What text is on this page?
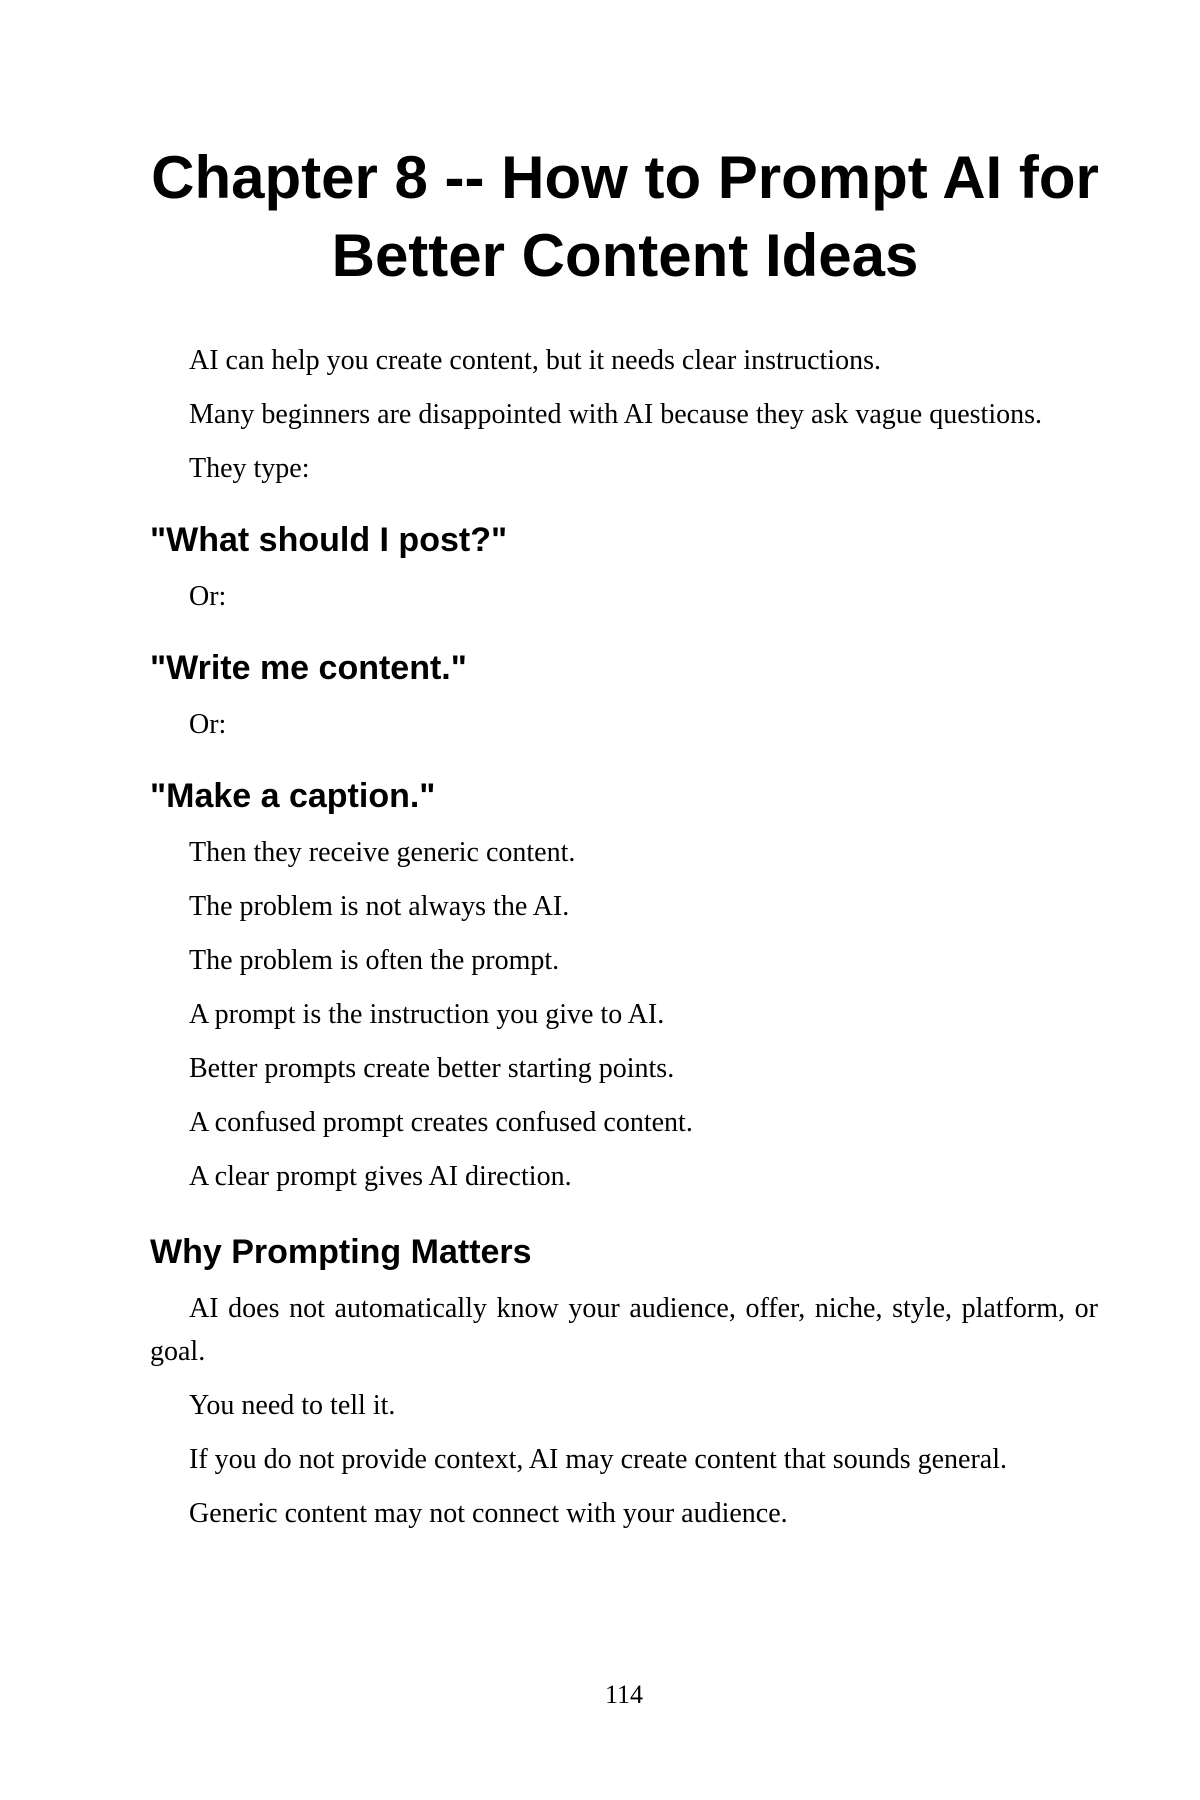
Chapter 8 -- How to Prompt AI for Better Content Ideas

AI can help you create content, but it needs clear instructions.

Many beginners are disappointed with AI because they ask vague questions.

They type:

"What should I post?"

Or:

"Write me content."

Or:

"Make a caption."

Then they receive generic content.

The problem is not always the AI.

The problem is often the prompt.

A prompt is the instruction you give to AI.

Better prompts create better starting points.

A confused prompt creates confused content.

A clear prompt gives AI direction.

Why Prompting Matters

AI does not automatically know your audience, offer, niche, style, platform, or goal.

You need to tell it.

If you do not provide context, AI may create content that sounds general.

Generic content may not connect with your audience.

114
